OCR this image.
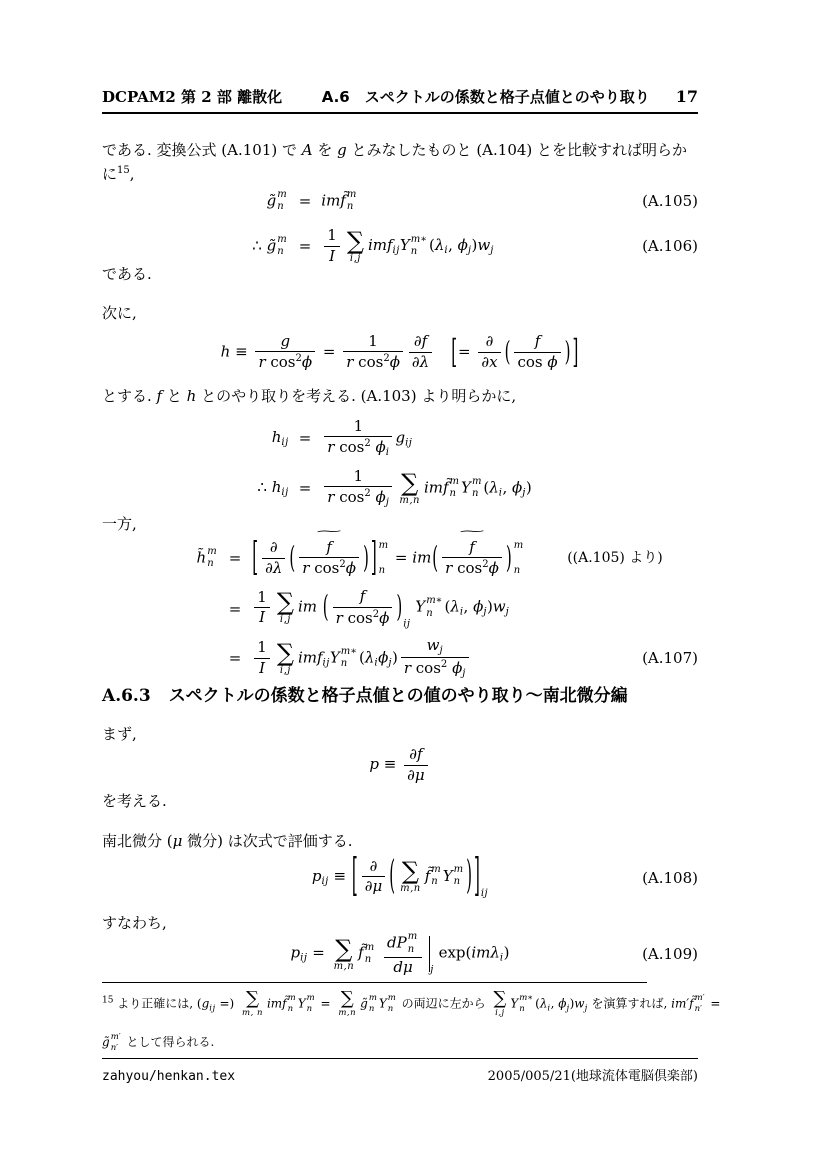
DCPAM2 第 2 部 離散化	A.6　スペクトルの係数と格子点値とのやり取り 17

である. 変換公式 (A.101) で A を g とみなしたものと (A.104) とを比較すれば明らかに$^{15}$,

g̃ m
n	= imf̃ m
n	(A.105)
∴ g̃ m
n	= $\frac{1}{I}$ ∑
i,j
imf$_{ij}$Y m∗
n ($\lambda_i$, $\phi_j)w_j$	(A.106)

である.

次に,

$h \equiv \frac{g}{r \cos^2\phi} = \frac{1}{r \cos^2\phi} \frac{\partial f}{\partial\lambda}$
  [= $\frac{\partial}{\partial x}$ ( $\frac{f}{\text{cos ϕ}}$ ) ]

とする. f と h とのやり取りを考える. (A.103) より明らかに,

$h_{ij} = \frac{1}{r \cos^2 \phi_i} g_{ij}$
∴ $h_{ij} = \frac{1}{r \cos^2 \phi_j}$ ∑
m,n
imf̃ m
n Y m
n ($\lambda_i$, $\phi_j$)

一方,

h̃ m
n	= [ $\frac{\partial}{\partial\lambda}$ (
∼
$\frac{f}{r \cos^2\phi}$ ) ] m
n
= im(
∼
$\frac{f}{r \cos^2\phi}$ ) m
n
((A.105) より)
= $\frac{1}{I}$ ∑
i,j
im ( $\frac{f}{r \cos^2\phi} )_{ij}$ Y m∗
n ($\lambda_i$, $\phi_j)w_j$
= $\frac{1}{I}$ ∑
i,j
imf$_{ij}$Y m∗
n $(\lambda_i\phi_j) \frac{w_j}{r \cos^2 \phi_j}$	(A.107)
A.6.3 スペクトルの係数と格子点値との値のやり取り～南北微分編

まず,

$p \equiv \frac{\partial f}{\partial\mu}$

を考える.

南北微分 (μ 微分) は次式で評価する.

$p_{ij}$ ≡ [ $\frac{\partial}{\partial\mu}$ ( ∑
m,n
f̃ m
n Y m
n ) ]$_{ij}$
(A.108)

すなわち,

$p_{ij}$ = ∑
m,n
f̃ m
n
dP m
n
dμ $_j$ exp(imλ$_i$)	(A.109)
$^{15}$ より正確には, ($g_{ij}$ =) ∑
m, n
imf̃ m
n Y m
n = ∑
m,n
g̃ m
n Y m
n の両辺に左から ∑
i,j
Y m∗
n ($\lambda_i$, $\phi_j)w_j$ を演算すれば, im′f̃ m′
n′ =
g̃ m′
n′ として得られる.
zahyou/henkan.tex	2005/005/21(地球流体電脳倶楽部)
